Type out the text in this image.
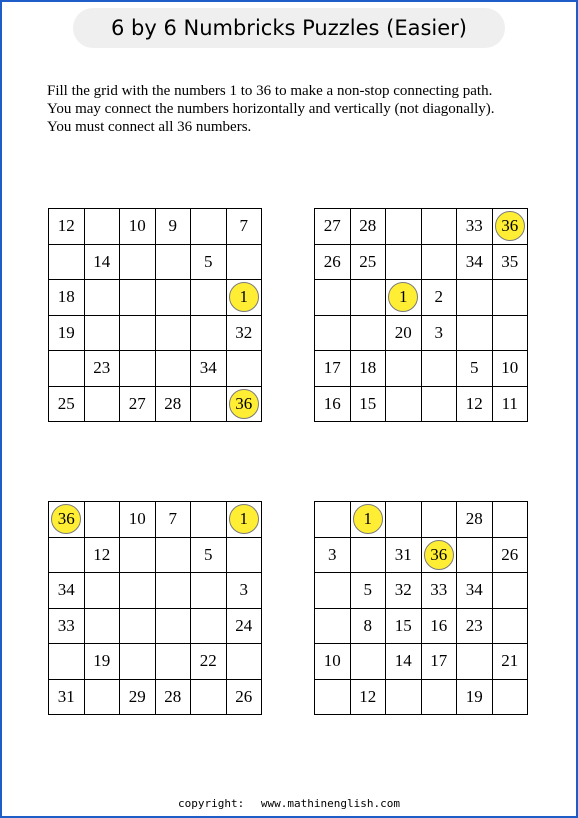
6 by 6 Numbricks Puzzles (Easier)
Fill the grid with the numbers 1 to 36 to make a non-stop connecting path.
You may connect the numbers horizontally and vertically (not diagonally).
You must connect all 36 numbers.
12		10	9		7
	14			5	
18					1
19					32
	23			34	
25		27	28		36
27	28			33	36
26	25			34	35
		1	2		
		20	3		
17	18			5	10
16	15			12	11
36		10	7		1
	12			5	
34					3
33					24
	19			22	
31		29	28		26
	1			28	
3		31	36		26
	5	32	33	34	
	8	15	16	23	
10		14	17		21
	12			19	
copyright: www.mathinenglish.com
